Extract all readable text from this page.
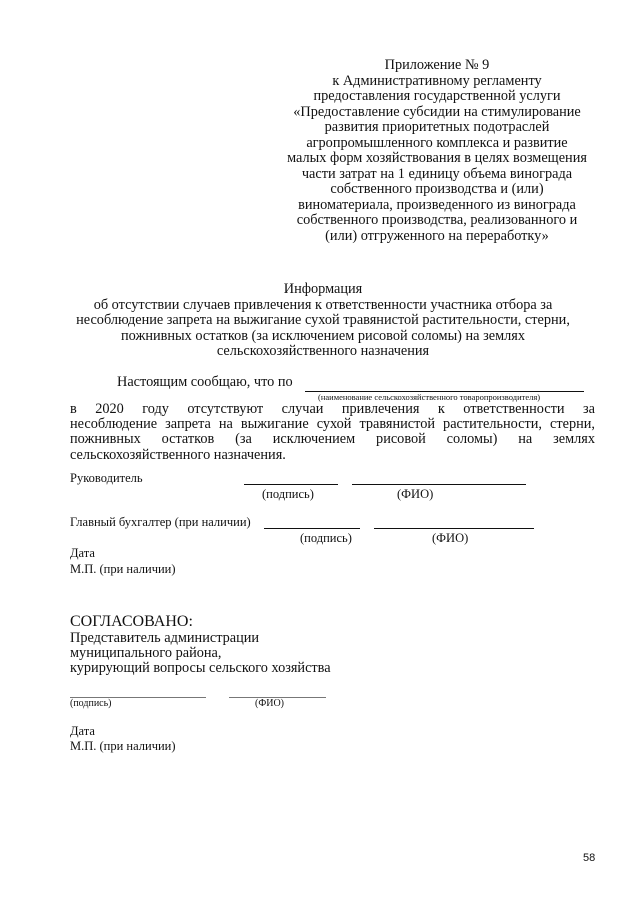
Приложение № 9
к Административному регламенту
предоставления государственной услуги
«Предоставление субсидии на стимулирование
развития приоритетных подотраслей
агропромышленного комплекса и развитие
малых форм хозяйствования в целях возмещения
части затрат на 1 единицу объема винограда
собственного производства и (или)
виноматериала, произведенного из винограда
собственного производства, реализованного и
(или) отгруженного на переработку»
Информация
об отсутствии случаев привлечения к ответственности участника отбора за
несоблюдение запрета на выжигание сухой травянистой растительности, стерни,
пожнивных остатков (за исключением рисовой соломы) на землях
сельскохозяйственного назначения
Настоящим сообщаю, что по
(наименование сельскохозяйственного товаропроизводителя)
в 2020 году отсутствуют случаи привлечения к ответственности за
несоблюдение запрета на выжигание сухой травянистой растительности, стерни,
пожнивных остатков (за исключением рисовой соломы) на землях
сельскохозяйственного назначения.
Руководитель
(подпись)	(ФИО)
Главный бухгалтер (при наличии)
(подпись)	(ФИО)
Дата
М.П. (при наличии)
СОГЛАСОВАНО:
Представитель администрации
муниципального района,
курирующий вопросы сельского хозяйства
(подпись)	(ФИО)
Дата
М.П. (при наличии)
58
